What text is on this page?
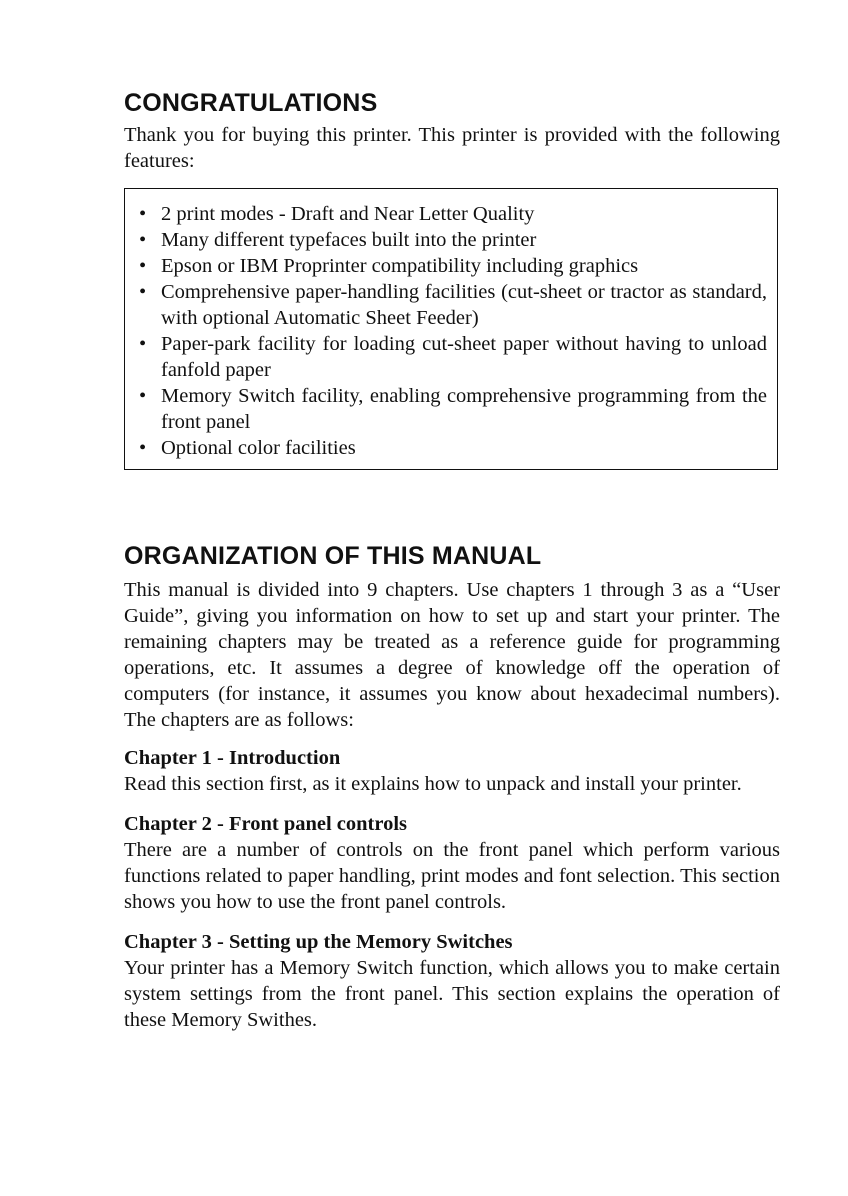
CONGRATULATIONS

Thank you for buying this printer. This printer is provided with the following features:

• 2 print modes - Draft and Near Letter Quality
• Many different typefaces built into the printer
• Epson or IBM Proprinter compatibility including graphics
• Comprehensive paper-handling facilities (cut-sheet or tractor as standard, with optional Automatic Sheet Feeder)
• Paper-park facility for loading cut-sheet paper without having to unload fanfold paper
• Memory Switch facility, enabling comprehensive programming from the front panel
• Optional color facilities
ORGANIZATION OF THIS MANUAL

This manual is divided into 9 chapters. Use chapters 1 through 3 as a “User Guide”, giving you information on how to set up and start your printer. The remaining chapters may be treated as a reference guide for programming operations, etc. It assumes a degree of knowledge off the operation of computers (for instance, it assumes you know about hexadecimal numbers). The chapters are as follows:

Chapter 1 - Introduction

Read this section first, as it explains how to unpack and install your printer.

Chapter 2 - Front panel controls

There are a number of controls on the front panel which perform various functions related to paper handling, print modes and font selection. This section shows you how to use the front panel controls.

Chapter 3 - Setting up the Memory Switches

Your printer has a Memory Switch function, which allows you to make certain system settings from the front panel. This section explains the operation of these Memory Swithes.
